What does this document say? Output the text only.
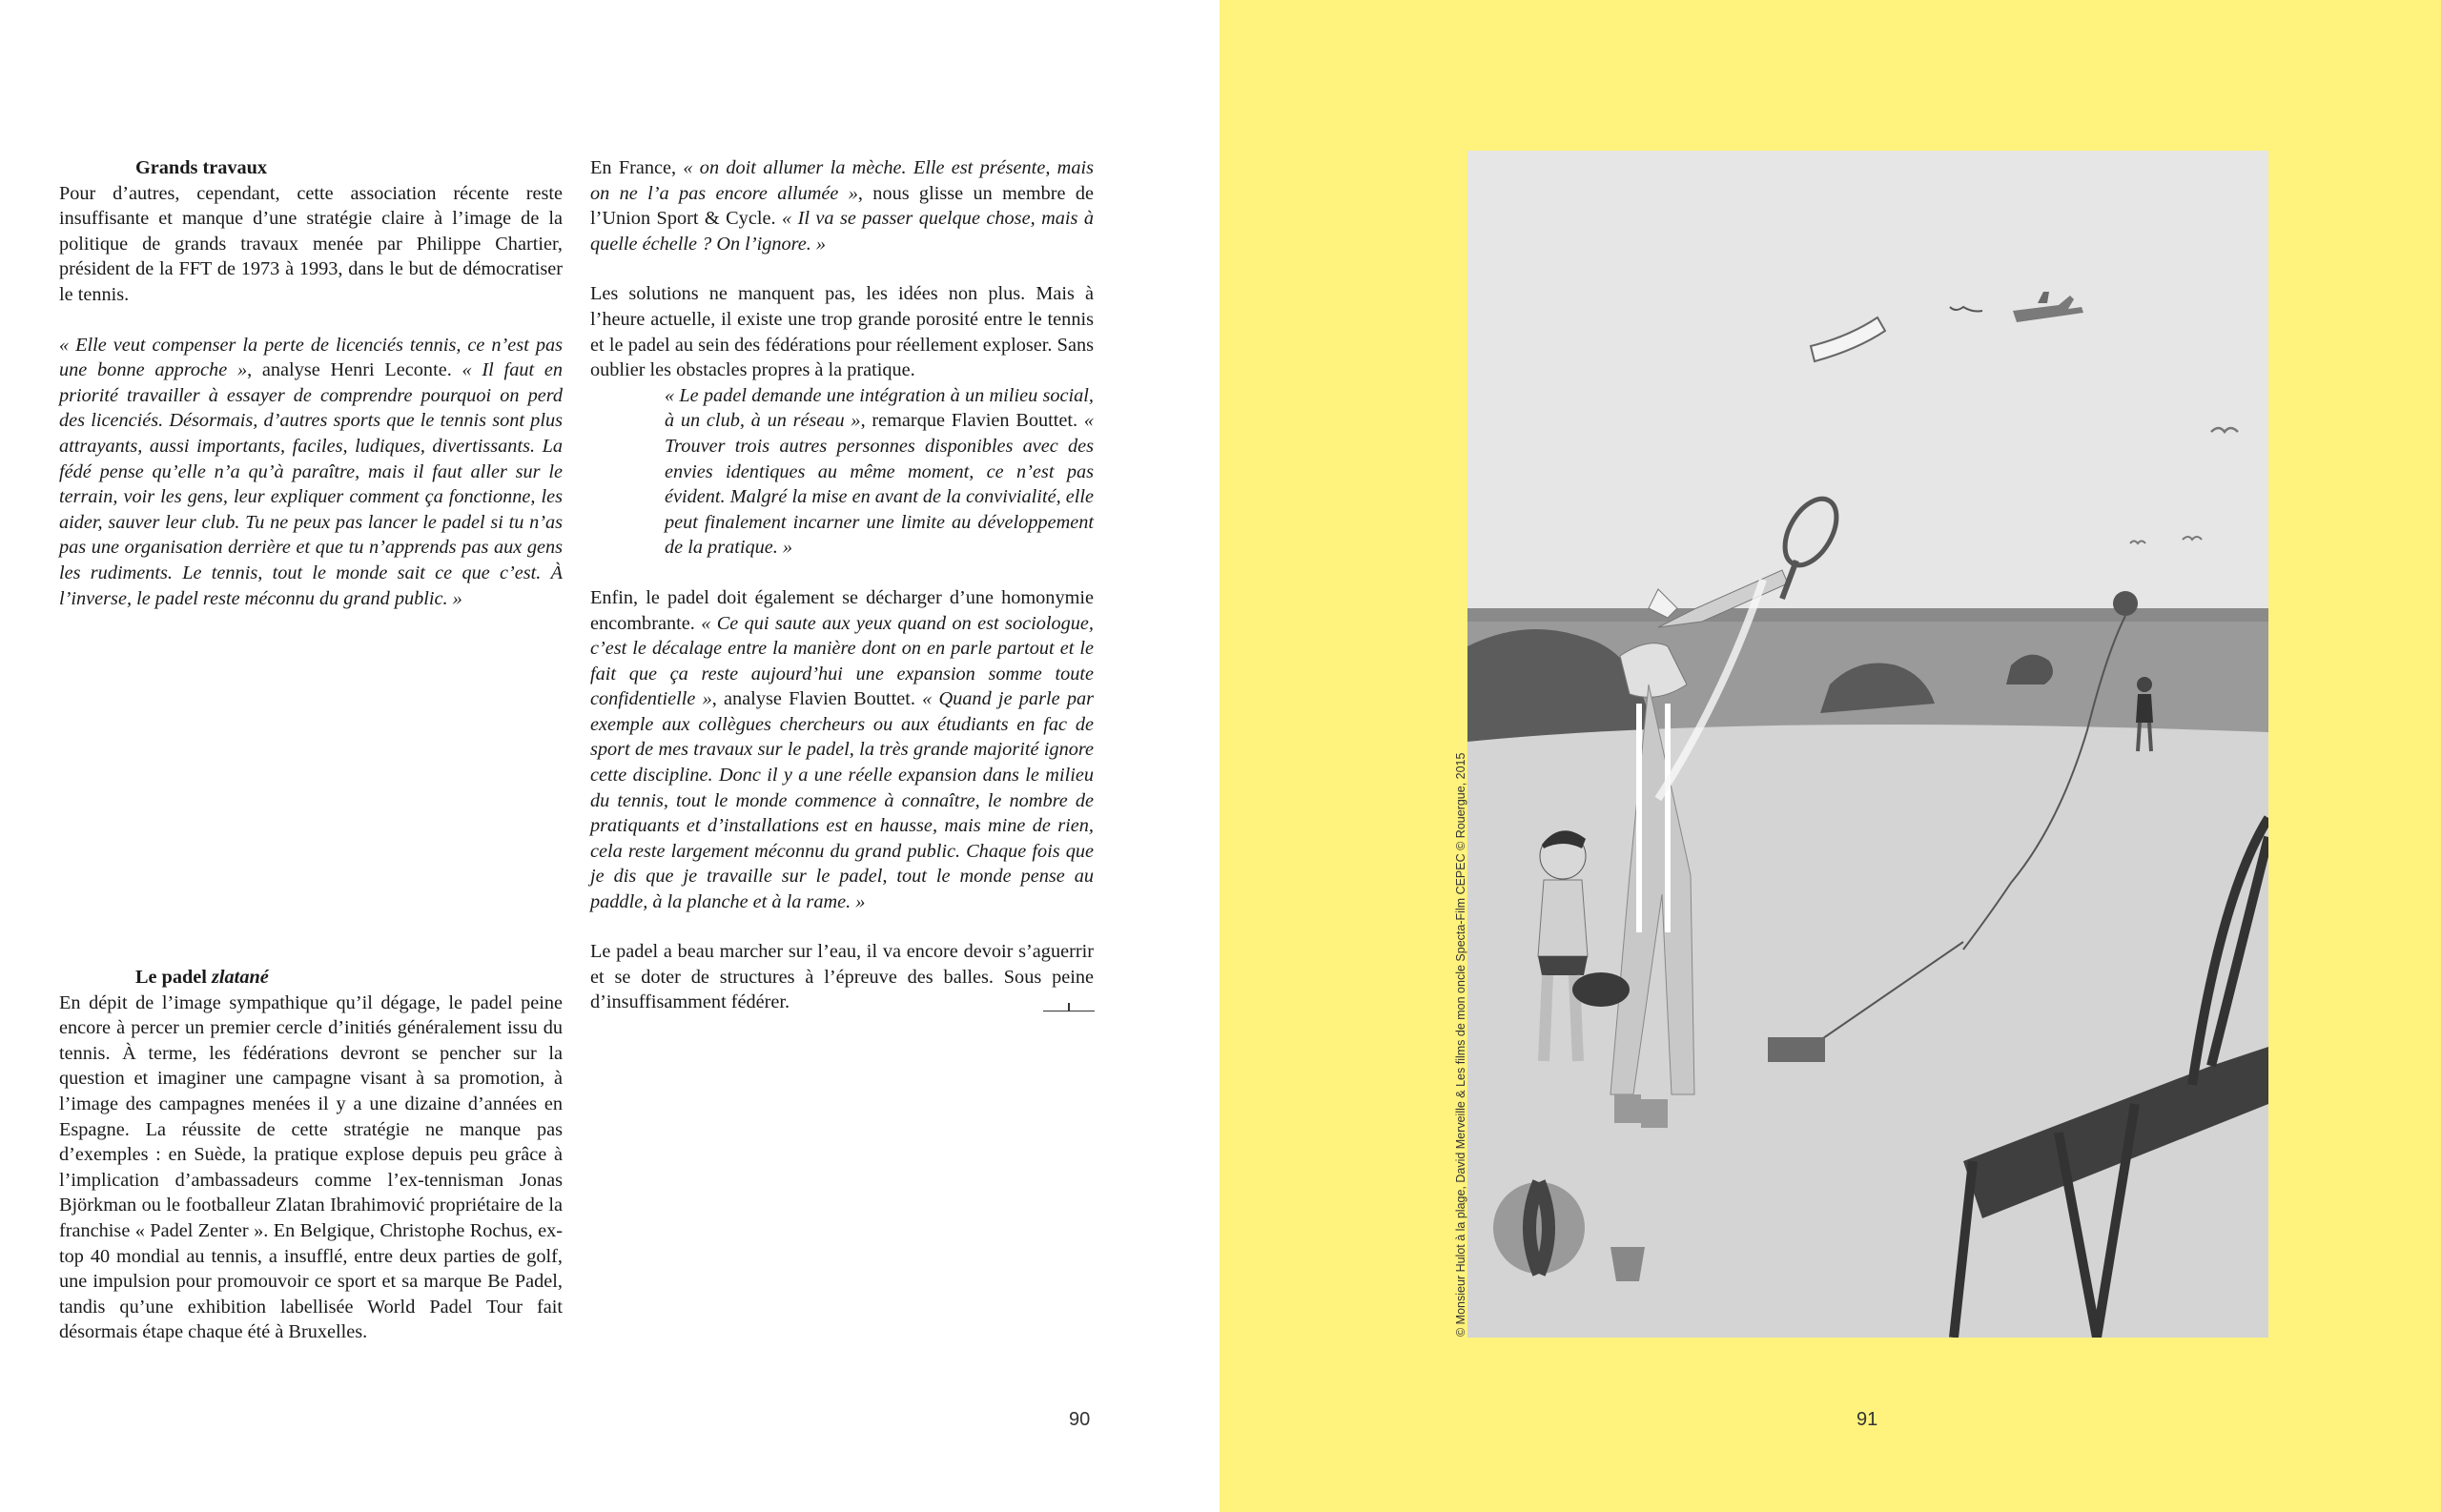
Grands travaux

Pour d’autres, cependant, cette association récente reste insuffisante et manque d’une stratégie claire à l’image de la politique de grands travaux menée par Philippe Chartier, président de la FFT de 1973 à 1993, dans le but de démocratiser le tennis.

« Elle veut compenser la perte de licenciés tennis, ce n’est pas une bonne approche », analyse Henri Leconte. « Il faut en priorité travailler à essayer de comprendre pourquoi on perd des licenciés. Désormais, d’autres sports que le tennis sont plus attrayants, aussi importants, faciles, ludiques, divertissants. La fédé pense qu’elle n’a qu’à paraître, mais il faut aller sur le terrain, voir les gens, leur expliquer comment ça fonctionne, les aider, sauver leur club. Tu ne peux pas lancer le padel si tu n’as pas une organisation derrière et que tu n’apprends pas aux gens les rudiments. Le tennis, tout le monde sait ce que c’est. À l’inverse, le padel reste méconnu du grand public. »

Le padel zlatané

En dépit de l’image sympathique qu’il dégage, le padel peine encore à percer un premier cercle d’initiés généralement issu du tennis. À terme, les fédérations devront se pencher sur la question et imaginer une campagne visant à sa promotion, à l’image des campagnes menées il y a une dizaine d’années en Espagne. La réussite de cette stratégie ne manque pas d’exemples : en Suède, la pratique explose depuis peu grâce à l’implication d’ambassadeurs comme l’ex-tennisman Jonas Björkman ou le footballeur Zlatan Ibrahimović propriétaire de la franchise « Padel Zenter ». En Belgique, Christophe Rochus, ex-top 40 mondial au tennis, a insufflé, entre deux parties de golf, une impulsion pour promouvoir ce sport et sa marque Be Padel, tandis qu’une exhibition labellisée World Padel Tour fait désormais étape chaque été à Bruxelles.

En France, « on doit allumer la mèche. Elle est présente, mais on ne l’a pas encore allumée », nous glisse un membre de l’Union Sport & Cycle. « Il va se passer quelque chose, mais à quelle échelle ? On l’ignore. »

Les solutions ne manquent pas, les idées non plus. Mais à l’heure actuelle, il existe une trop grande porosité entre le tennis et le padel au sein des fédérations pour réellement exploser. Sans oublier les obstacles propres à la pratique.

« Le padel demande une intégration à un milieu social, à un club, à un réseau », remarque Flavien Bouttet. « Trouver trois autres personnes disponibles avec des envies identiques au même moment, ce n’est pas évident. Malgré la mise en avant de la convivialité, elle peut finalement incarner une limite au développement de la pratique. »

Enfin, le padel doit également se décharger d’une homonymie encombrante. « Ce qui saute aux yeux quand on est sociologue, c’est le décalage entre la manière dont on en parle partout et le fait que ça reste aujourd’hui une expansion somme toute confidentielle », analyse Flavien Bouttet. « Quand je parle par exemple aux collègues chercheurs ou aux étudiants en fac de sport de mes travaux sur le padel, la très grande majorité ignore cette discipline. Donc il y a une réelle expansion dans le milieu du tennis, tout le monde commence à connaître, le nombre de pratiquants et d’installations est en hausse, mais mine de rien, cela reste largement méconnu du grand public. Chaque fois que je dis que je travaille sur le padel, tout le monde pense au paddle, à la planche et à la rame. »

Le padel a beau marcher sur l’eau, il va encore devoir s’aguerrir et se doter de structures à l’épreuve des balles. Sous peine d’insuffisamment fédérer.

90
© Monsieur Hulot à la plage, David Merveille & Les films de mon oncle Specta-Film CEPEC © Rouergue, 2015
91
